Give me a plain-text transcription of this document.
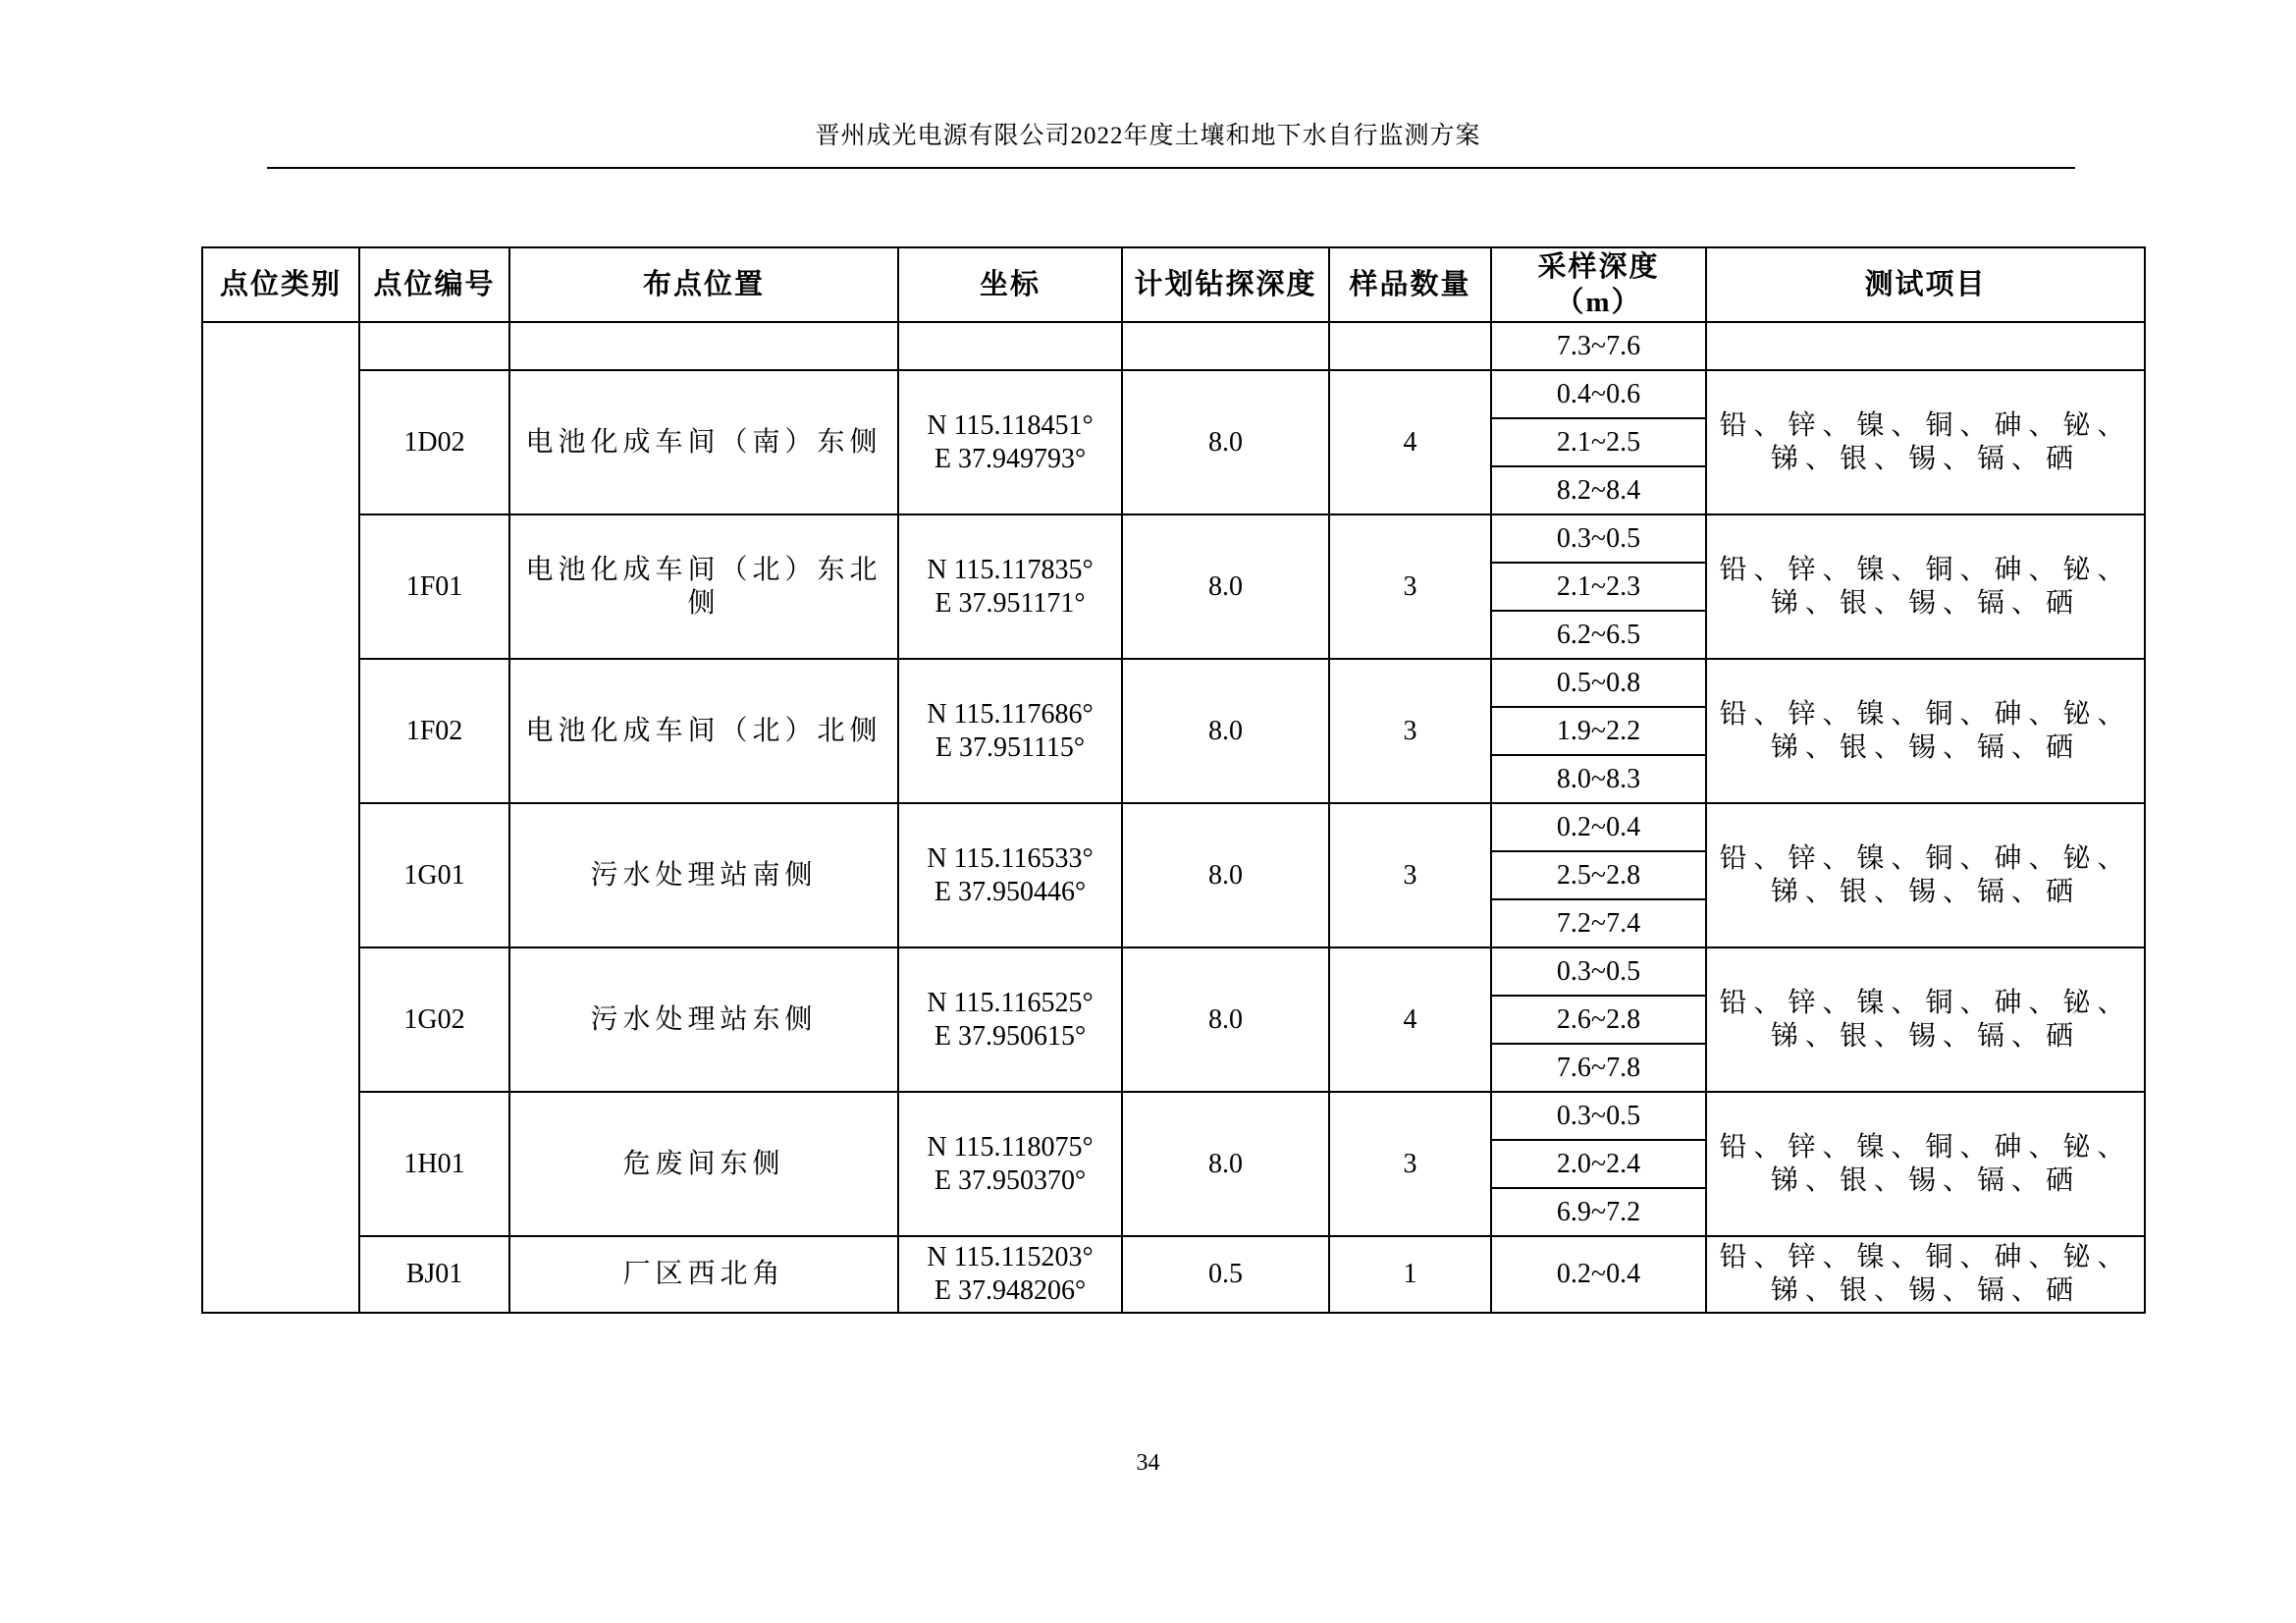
晋州成光电源有限公司2022年度土壤和地下水自行监测方案
点位类别	点位编号	布点位置	坐标	计划钻探深度	样品数量	采样深度（m）	测试项目
						7.3~7.6	
	1D02	电池化成车间（南）东侧	N 115.118451°
E 37.949793°	8.0	4	0.4~0.6	铅、锌、镍、铜、砷、铋、锑、银、锡、镉、硒
						2.1~2.5	
						8.2~8.4	
	1F01	电池化成车间（北）东北侧	N 115.117835°
E 37.951171°	8.0	3	0.3~0.5	铅、锌、镍、铜、砷、铋、锑、银、锡、镉、硒
						2.1~2.3	
						6.2~6.5	
	1F02	电池化成车间（北）北侧	N 115.117686°
E 37.951115°	8.0	3	0.5~0.8	铅、锌、镍、铜、砷、铋、锑、银、锡、镉、硒
						1.9~2.2	
						8.0~8.3	
	1G01	污水处理站南侧	N 115.116533°
E 37.950446°	8.0	3	0.2~0.4	铅、锌、镍、铜、砷、铋、锑、银、锡、镉、硒
						2.5~2.8	
						7.2~7.4	
	1G02	污水处理站东侧	N 115.116525°
E 37.950615°	8.0	4	0.3~0.5	铅、锌、镍、铜、砷、铋、锑、银、锡、镉、硒
						2.6~2.8	
						7.6~7.8	
	1H01	危废间东侧	N 115.118075°
E 37.950370°	8.0	3	0.3~0.5	铅、锌、镍、铜、砷、铋、锑、银、锡、镉、硒
						2.0~2.4	
						6.9~7.2	
	BJ01	厂区西北角	N 115.115203°
E 37.948206°	0.5	1	0.2~0.4	铅、锌、镍、铜、砷、铋、锑、银、锡、镉、硒
34
